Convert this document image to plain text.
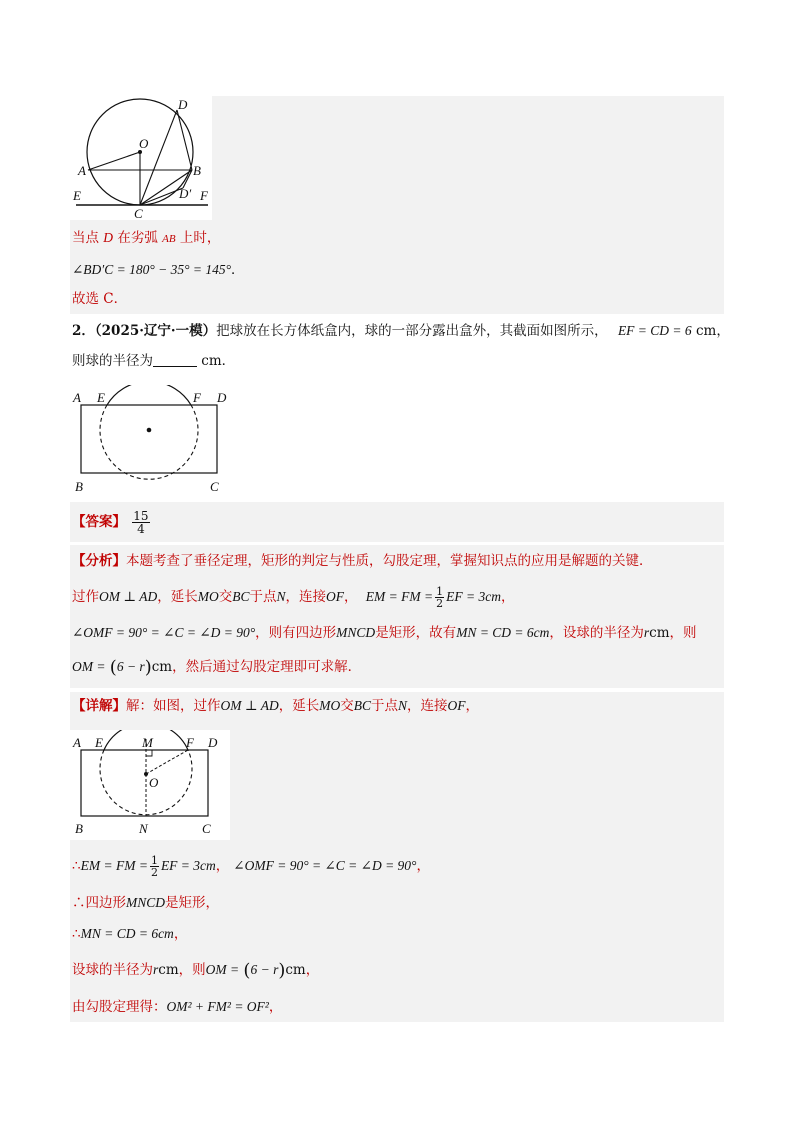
D
O
A	B
E	D′ F
C
当点 D 在劣弧 AB 上时，
∠BD′C = 180° − 35° = 145°．
故选 C．
2．（2025·辽宁·一模）把球放在长方体纸盒内，球的一部分露出盒外，其截面如图所示， EF = CD = 6 cm，
则球的半径为	cm．
A E	F D
B	C
【答案】 $\frac{15}{4}$
【分析】本题考查了垂径定理，矩形的判定与性质，勾股定理，掌握知识点的应用是解题的关键．
过作OM ⊥ AD，延长MO交BC于点N，连接OF， EM = FM = $\frac{1}{2}$ EF = 3cm，
∠OMF = 90° = ∠C = ∠D = 90°，则有四边形MNCD是矩形，故有MN = CD = 6cm，设球的半径为rcm，则
OM = (6 − r)cm，然后通过勾股定理即可求解．
【详解】解：如图，过作OM ⊥ AD，延长MO交BC于点N，连接OF，
A E	M	F D
O
B	N	C
∴EM = FM = $\frac{1}{2}$ EF = 3cm， ∠OMF = 90° = ∠C = ∠D = 90°，
∴四边形MNCD是矩形，
∴MN = CD = 6cm，
设球的半径为rcm，则OM = (6 − r)cm，
由勾股定理得：OM² + FM² = OF²，
